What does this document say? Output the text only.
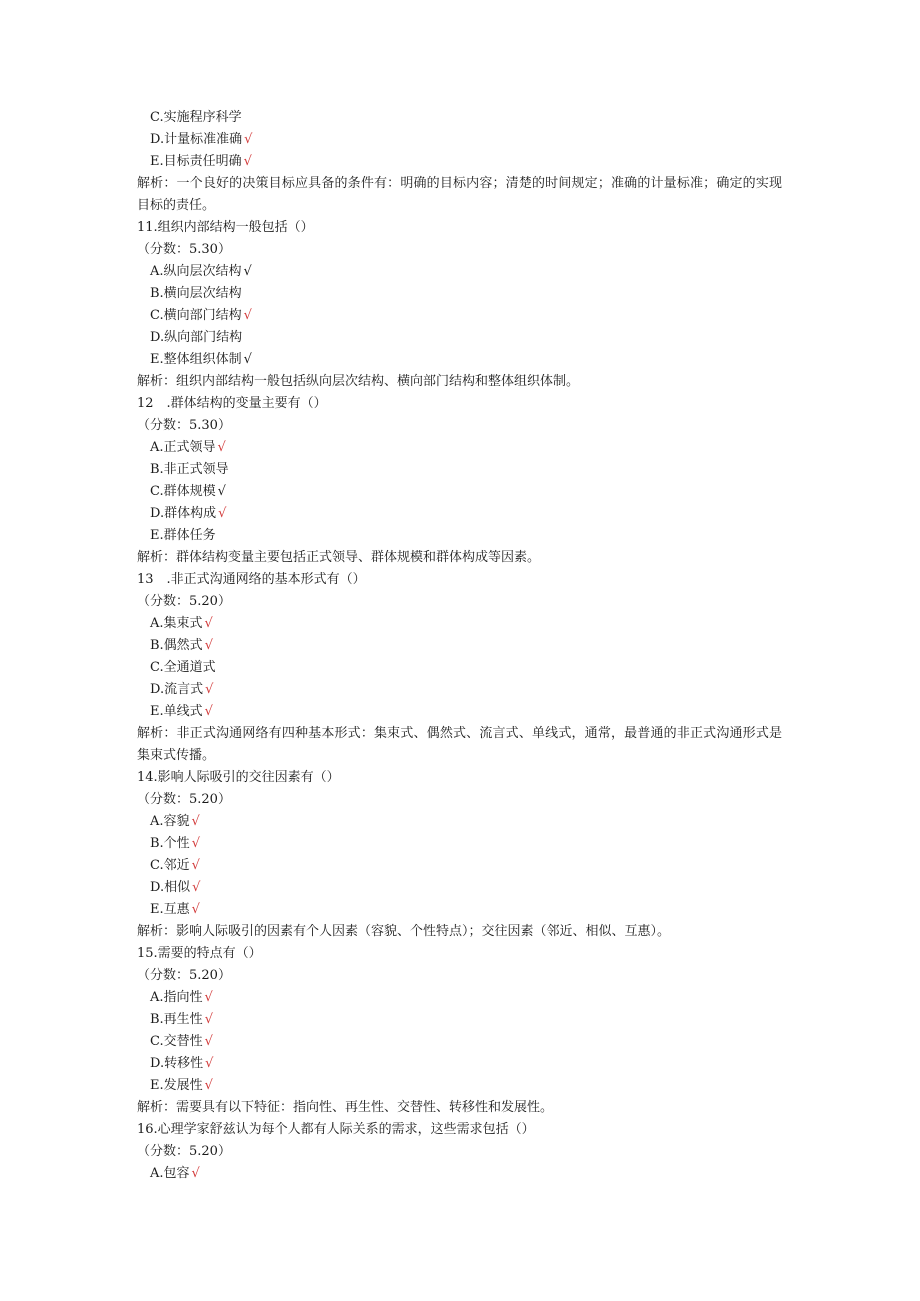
C.实施程序科学
D.计量标准准确 √
E.目标责任明确 √
解析：一个良好的决策目标应具备的条件有：明确的目标内容；清楚的时间规定；准确的计量标准；确定的实现目标的责任。
11.组织内部结构一般包括（）
（分数：5.30）
A.纵向层次结构 √
B.横向层次结构
C.横向部门结构 √
D.纵向部门结构
E.整体组织体制 √
解析：组织内部结构一般包括纵向层次结构、横向部门结构和整体组织体制。
12　.群体结构的变量主要有（）
（分数：5.30）
A.正式领导 √
B.非正式领导
C.群体规模 √
D.群体构成 √
E.群体任务
解析：群体结构变量主要包括正式领导、群体规模和群体构成等因素。
13　.非正式沟通网络的基本形式有（）
（分数：5.20）
A.集束式 √
B.偶然式 √
C.全通道式
D.流言式 √
E.单线式 √
解析：非正式沟通网络有四种基本形式：集束式、偶然式、流言式、单线式，通常，最普通的非正式沟通形式是集束式传播。
14.影响人际吸引的交往因素有（）
（分数：5.20）
A.容貌 √
B.个性 √
C.邻近 √
D.相似 √
E.互惠 √
解析：影响人际吸引的因素有个人因素（容貌、个性特点）；交往因素（邻近、相似、互惠）。
15.需要的特点有（）
（分数：5.20）
A.指向性 √
B.再生性 √
C.交替性 √
D.转移性 √
E.发展性 √
解析：需要具有以下特征：指向性、再生性、交替性、转移性和发展性。
16.心理学家舒兹认为每个人都有人际关系的需求，这些需求包括（）
（分数：5.20）
A.包容 √
